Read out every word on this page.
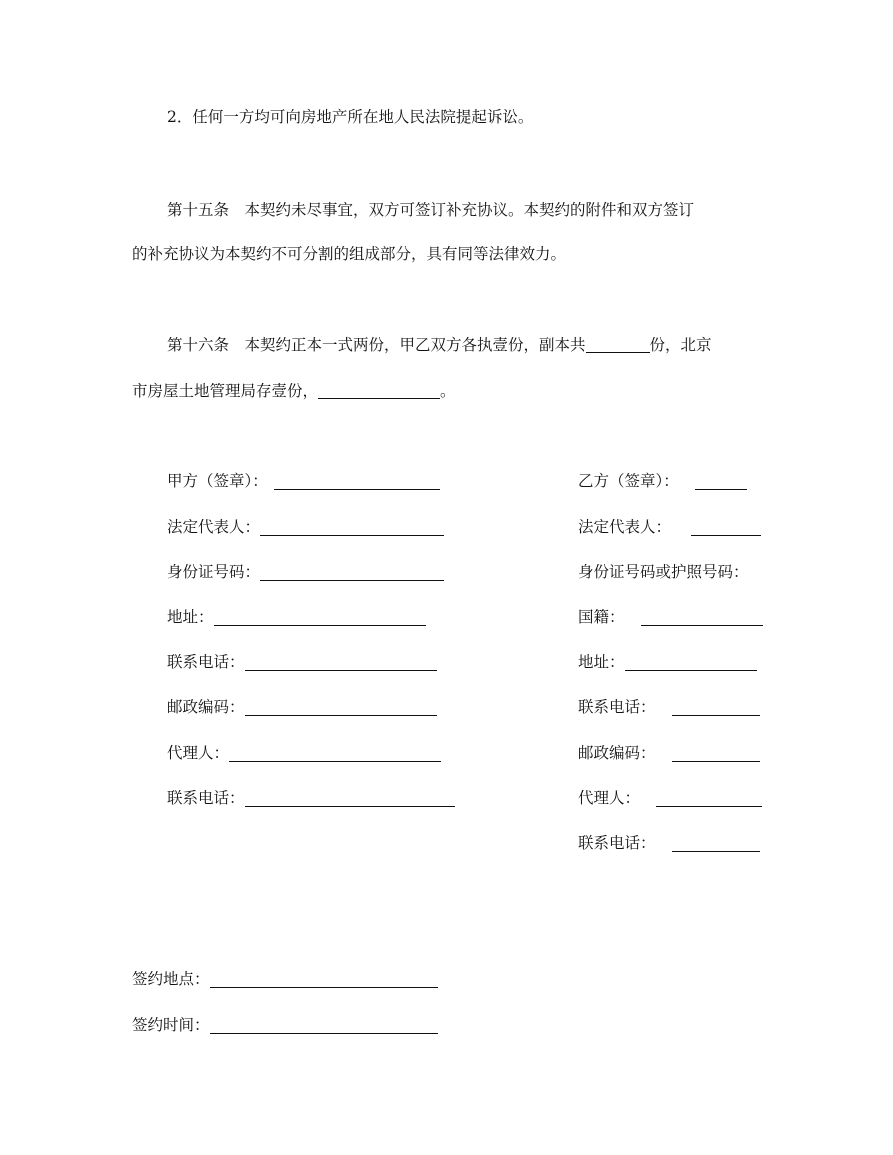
2．任何一方均可向房地产所在地人民法院提起诉讼。

第十五条　本契约未尽事宜，双方可签订补充协议。本契约的附件和双方签订

的补充协议为本契约不可分割的组成部分，具有同等法律效力。

第十六条　本契约正本一式两份，甲乙双方各执壹份，副本共	份，北京

市房屋土地管理局存壹份，	。

甲方（签章）：
法定代表人：
身份证号码：
地址：
联系电话：
邮政编码：
代理人：
联系电话：
乙方（签章）：
法定代表人：
身份证号码或护照号码：
国籍：
地址：
联系电话：
邮政编码：
代理人：
联系电话：
签约地点：
签约时间：
